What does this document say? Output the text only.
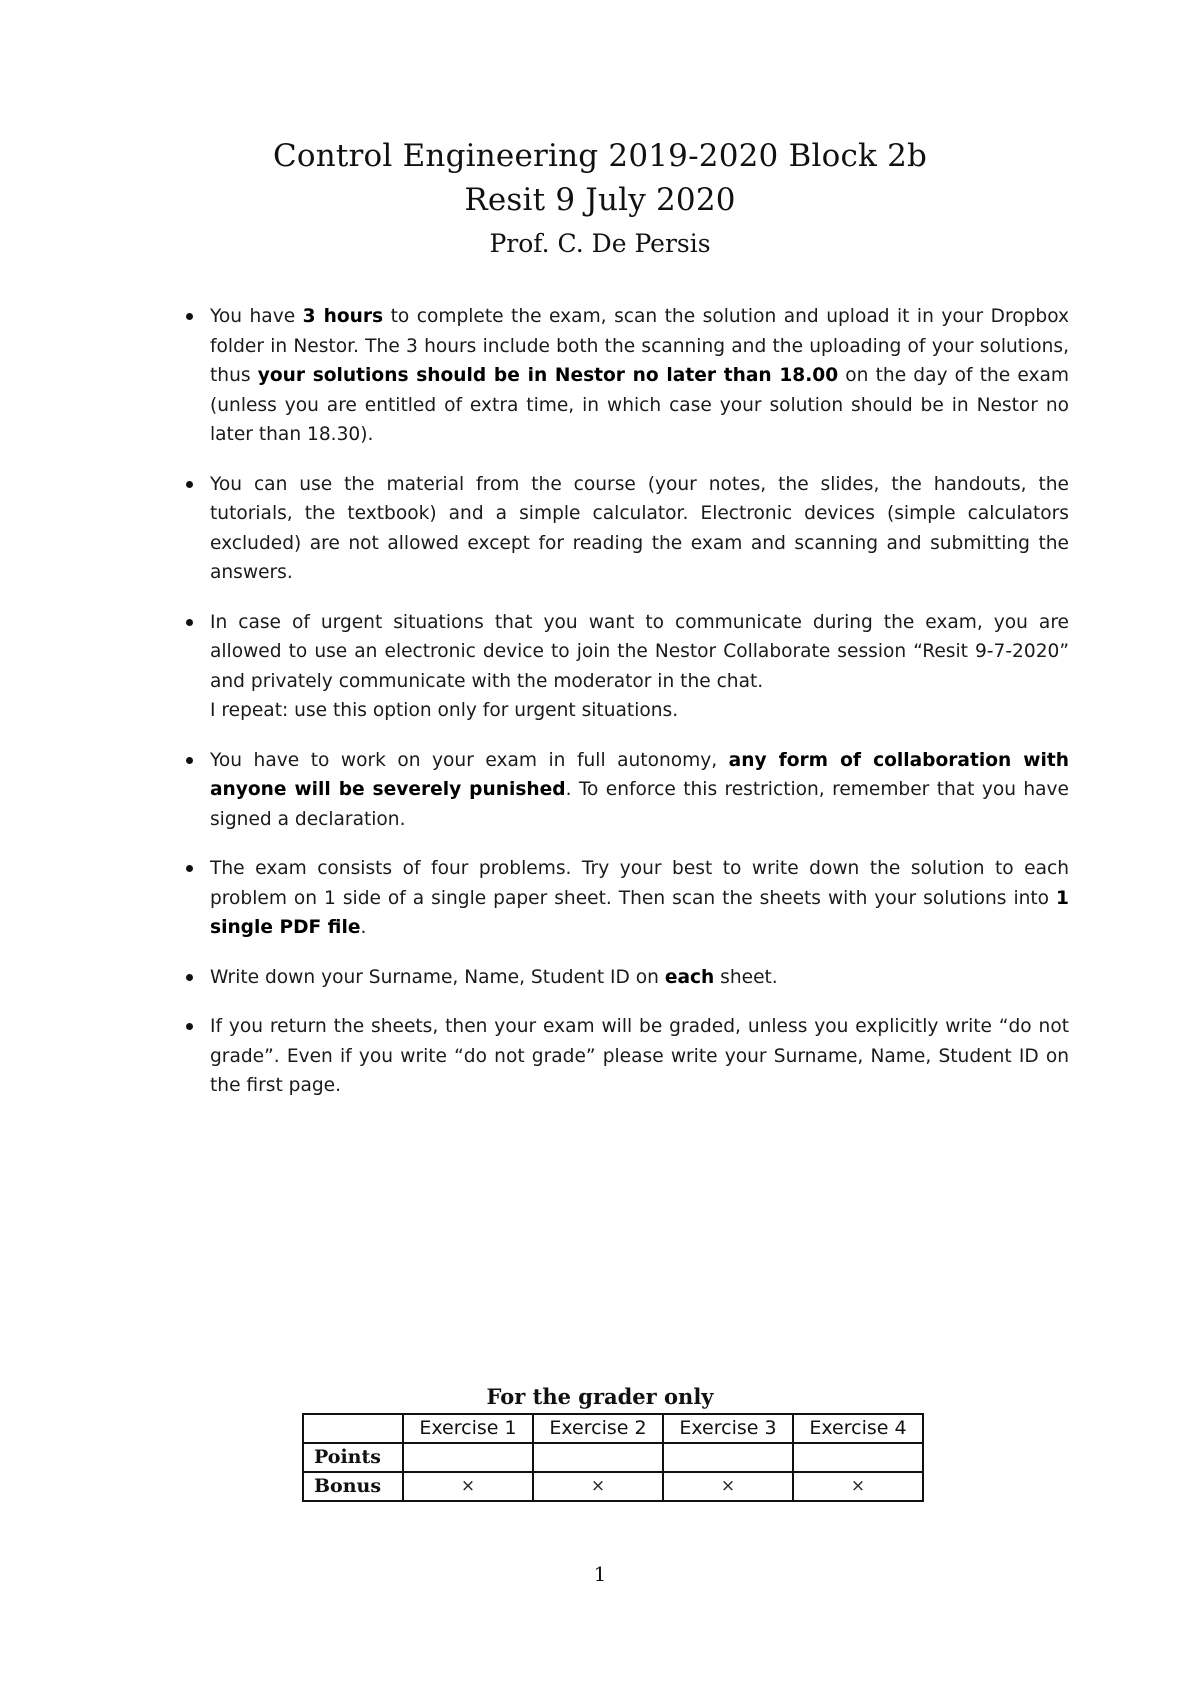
Control Engineering 2019-2020 Block 2b
Resit 9 July 2020
Prof. C. De Persis
You have 3 hours to complete the exam, scan the solution and upload it in your Dropbox folder in Nestor. The 3 hours include both the scanning and the uploading of your solutions, thus your solutions should be in Nestor no later than 18.00 on the day of the exam (unless you are entitled of extra time, in which case your solution should be in Nestor no later than 18.30).
You can use the material from the course (your notes, the slides, the handouts, the tutorials, the textbook) and a simple calculator. Electronic devices (simple calculators excluded) are not allowed except for reading the exam and scanning and submitting the answers.
In case of urgent situations that you want to communicate during the exam, you are allowed to use an electronic device to join the Nestor Collaborate session “Resit 9-7-2020” and privately communicate with the moderator in the chat.
I repeat: use this option only for urgent situations.
You have to work on your exam in full autonomy, any form of collaboration with anyone will be severely punished. To enforce this restriction, remember that you have signed a declaration.
The exam consists of four problems. Try your best to write down the solution to each problem on 1 side of a single paper sheet. Then scan the sheets with your solutions into 1 single PDF file.
Write down your Surname, Name, Student ID on each sheet.
If you return the sheets, then your exam will be graded, unless you explicitly write “do not grade”. Even if you write “do not grade” please write your Surname, Name, Student ID on the first page.
For the grader only
	Exercise 1	Exercise 2	Exercise 3	Exercise 4
Points				
Bonus	×	×	×	×
1
